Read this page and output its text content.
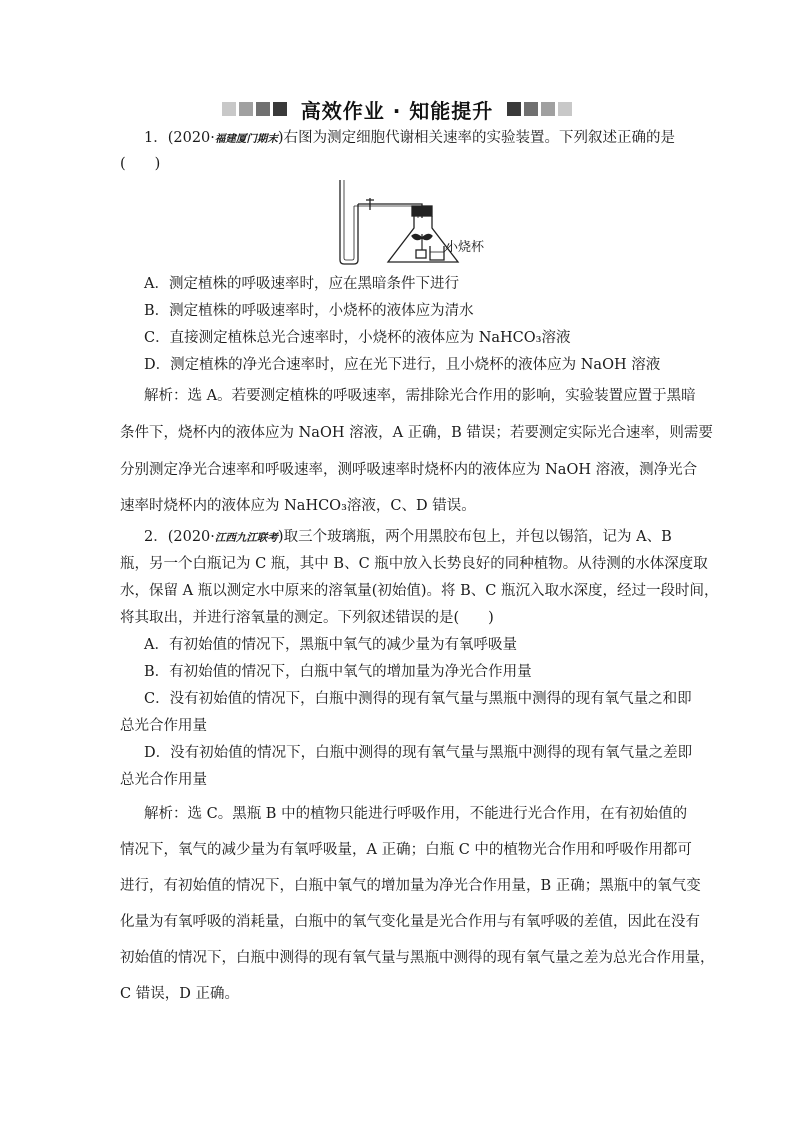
高效作业 · 知能提升
1．(2020·福建厦门期末)右图为测定细胞代谢相关速率的实验装置。下列叙述正确的是
(　　)
小烧杯
A．测定植株的呼吸速率时，应在黑暗条件下进行
B．测定植株的呼吸速率时，小烧杯的液体应为清水
C．直接测定植株总光合速率时，小烧杯的液体应为 NaHCO₃溶液
D．测定植株的净光合速率时，应在光下进行，且小烧杯的液体应为 NaOH 溶液
解析：选 A。若要测定植株的呼吸速率，需排除光合作用的影响，实验装置应置于黑暗
条件下，烧杯内的液体应为 NaOH 溶液，A 正确，B 错误；若要测定实际光合速率，则需要
分别测定净光合速率和呼吸速率，测呼吸速率时烧杯内的液体应为 NaOH 溶液，测净光合
速率时烧杯内的液体应为 NaHCO₃溶液，C、D 错误。
2．(2020·江西九江联考)取三个玻璃瓶，两个用黑胶布包上，并包以锡箔，记为 A、B
瓶，另一个白瓶记为 C 瓶，其中 B、C 瓶中放入长势良好的同种植物。从待测的水体深度取
水，保留 A 瓶以测定水中原来的溶氧量(初始值)。将 B、C 瓶沉入取水深度，经过一段时间，
将其取出，并进行溶氧量的测定。下列叙述错误的是(　　)
A．有初始值的情况下，黑瓶中氧气的减少量为有氧呼吸量
B．有初始值的情况下，白瓶中氧气的增加量为净光合作用量
C．没有初始值的情况下，白瓶中测得的现有氧气量与黑瓶中测得的现有氧气量之和即
总光合作用量
D．没有初始值的情况下，白瓶中测得的现有氧气量与黑瓶中测得的现有氧气量之差即
总光合作用量
解析：选 C。黑瓶 B 中的植物只能进行呼吸作用，不能进行光合作用，在有初始值的
情况下，氧气的减少量为有氧呼吸量，A 正确；白瓶 C 中的植物光合作用和呼吸作用都可
进行，有初始值的情况下，白瓶中氧气的增加量为净光合作用量，B 正确；黑瓶中的氧气变
化量为有氧呼吸的消耗量，白瓶中的氧气变化量是光合作用与有氧呼吸的差值，因此在没有
初始值的情况下，白瓶中测得的现有氧气量与黑瓶中测得的现有氧气量之差为总光合作用量，
C 错误，D 正确。
